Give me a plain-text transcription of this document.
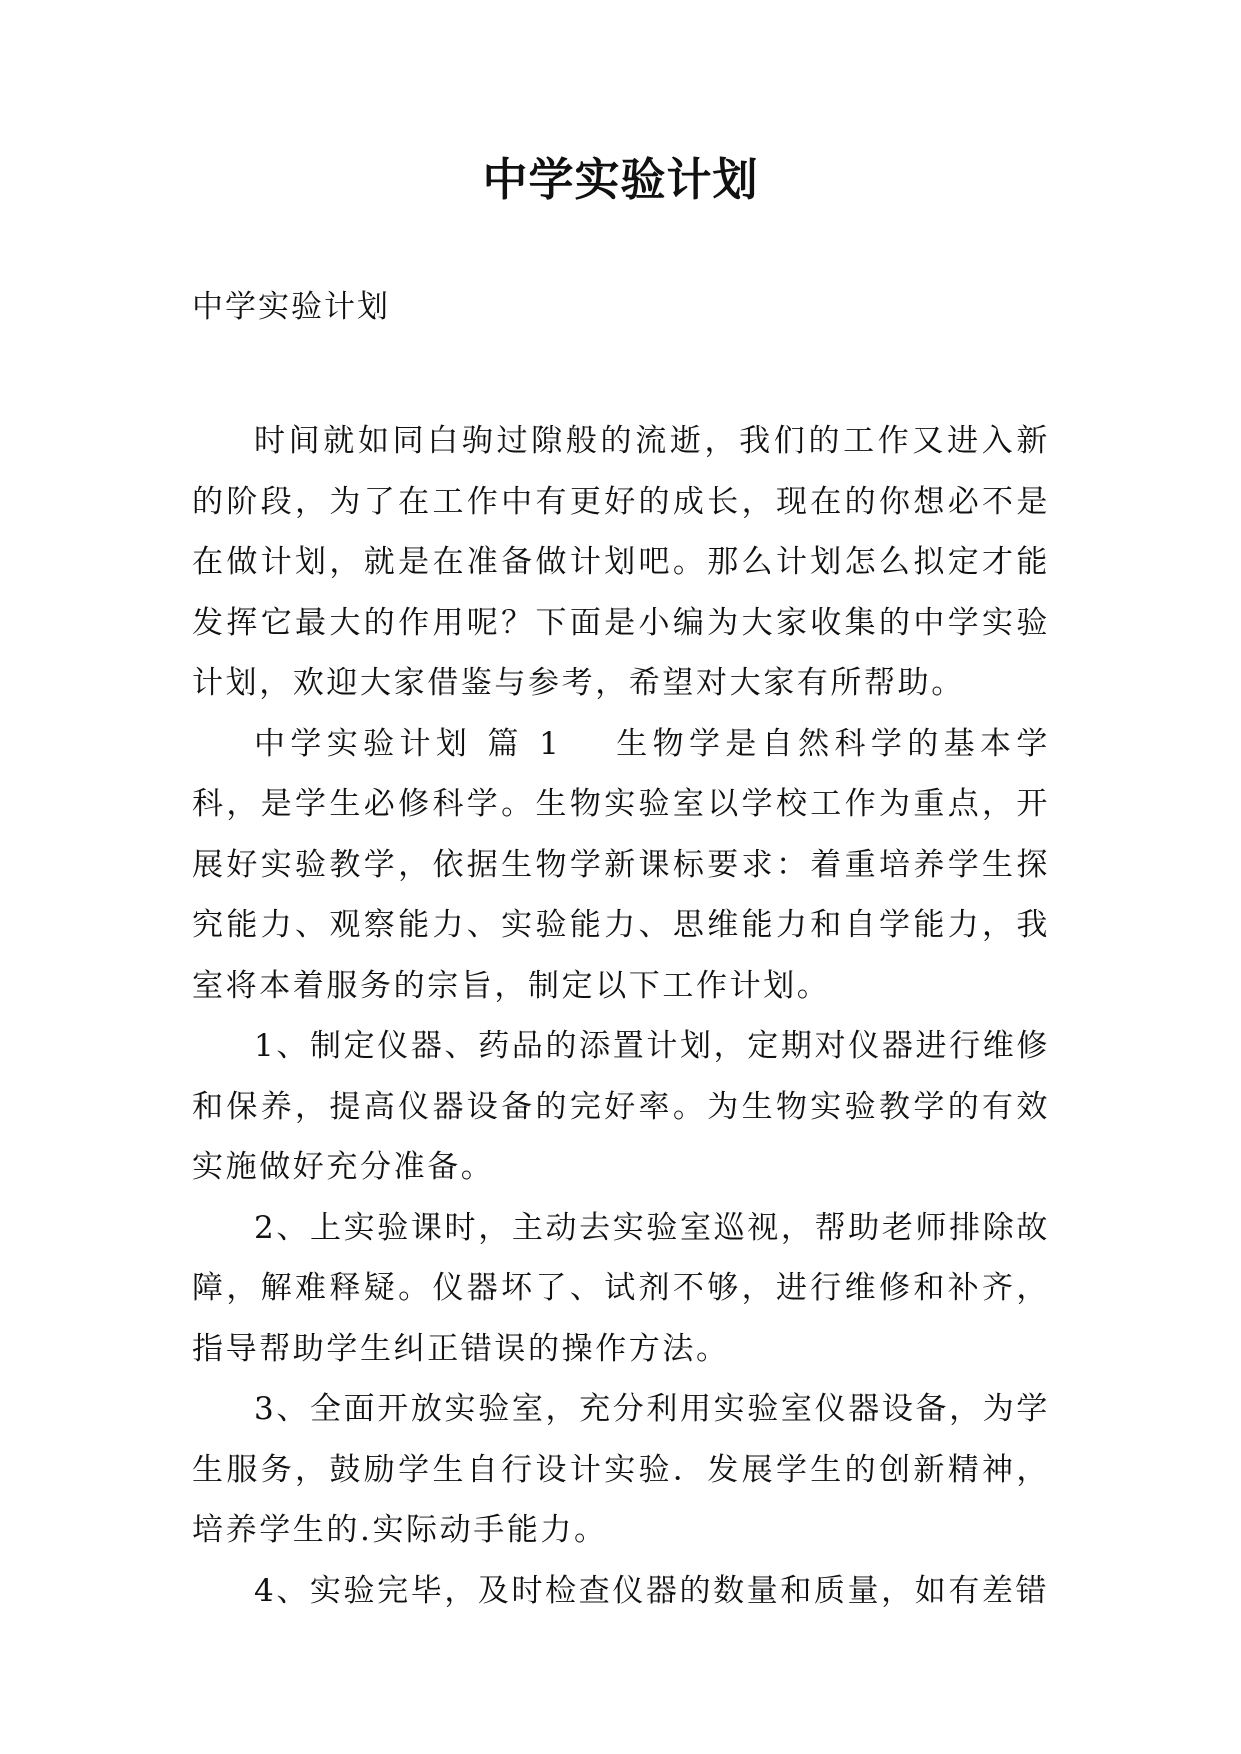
中学实验计划
中学实验计划

时间就如同白驹过隙般的流逝，我们的工作又进入新的阶段，为了在工作中有更好的成长，现在的你想必不是在做计划，就是在准备做计划吧。那么计划怎么拟定才能发挥它最大的作用呢？下面是小编为大家收集的中学实验计划，欢迎大家借鉴与参考，希望对大家有所帮助。

中学实验计划 篇 1 生物学是自然科学的基本学科，是学生必修科学。生物实验室以学校工作为重点，开展好实验教学，依据生物学新课标要求：着重培养学生探究能力、观察能力、实验能力、思维能力和自学能力，我室将本着服务的宗旨，制定以下工作计划。

1、制定仪器、药品的添置计划，定期对仪器进行维修和保养，提高仪器设备的完好率。为生物实验教学的有效实施做好充分准备。

2、上实验课时，主动去实验室巡视，帮助老师排除故障，解难释疑。仪器坏了、试剂不够，进行维修和补齐，指导帮助学生纠正错误的操作方法。

3、全面开放实验室，充分利用实验室仪器设备，为学生服务，鼓励学生自行设计实验．发展学生的创新精神，培养学生的.实际动手能力。

4、实验完毕，及时检查仪器的数量和质量，如有差错
